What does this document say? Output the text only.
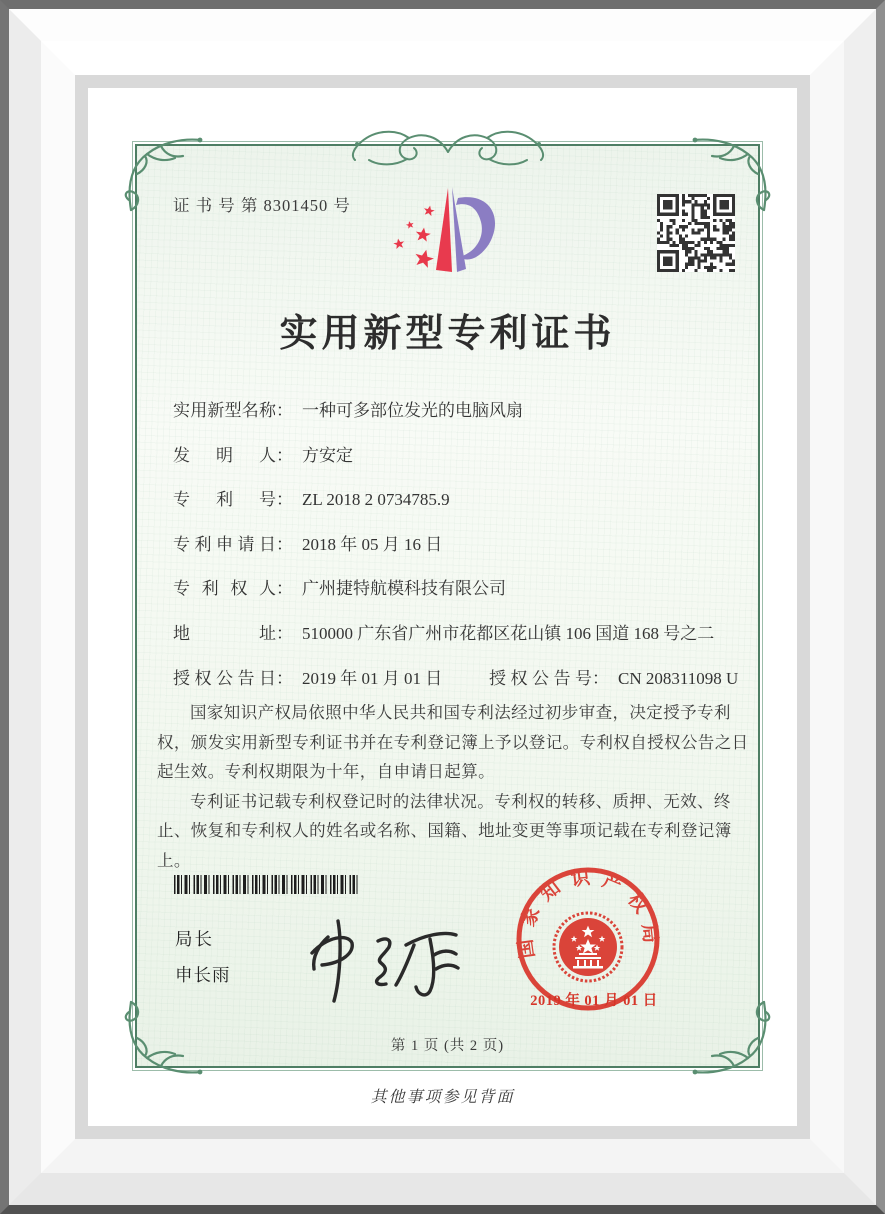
证 书 号 第 8301450 号
实用新型专利证书
实用新型名称： 一种可多部位发光的电脑风扇
发明人： 方安定
专利号： ZL 2018 2 0734785.9
专利申请日： 2018 年 05 月 16 日
专利权人： 广州捷特航模科技有限公司
地址： 510000 广东省广州市花都区花山镇 106 国道 168 号之二
授权公告日： 2019 年 01 月 01 日	授权公告号： CN 208311098 U

国家知识产权局依照中华人民共和国专利法经过初步审查，决定授予专利权，颁发实用新型专利证书并在专利登记簿上予以登记。专利权自授权公告之日起生效。专利权期限为十年，自申请日起算。

专利证书记载专利权登记时的法律状况。专利权的转移、质押、无效、终止、恢复和专利权人的姓名或名称、国籍、地址变更等事项记载在专利登记簿上。

局长
申长雨
国家知识产权局
2019 年 01 月 01 日
第 1 页 (共 2 页)
其他事项参见背面
